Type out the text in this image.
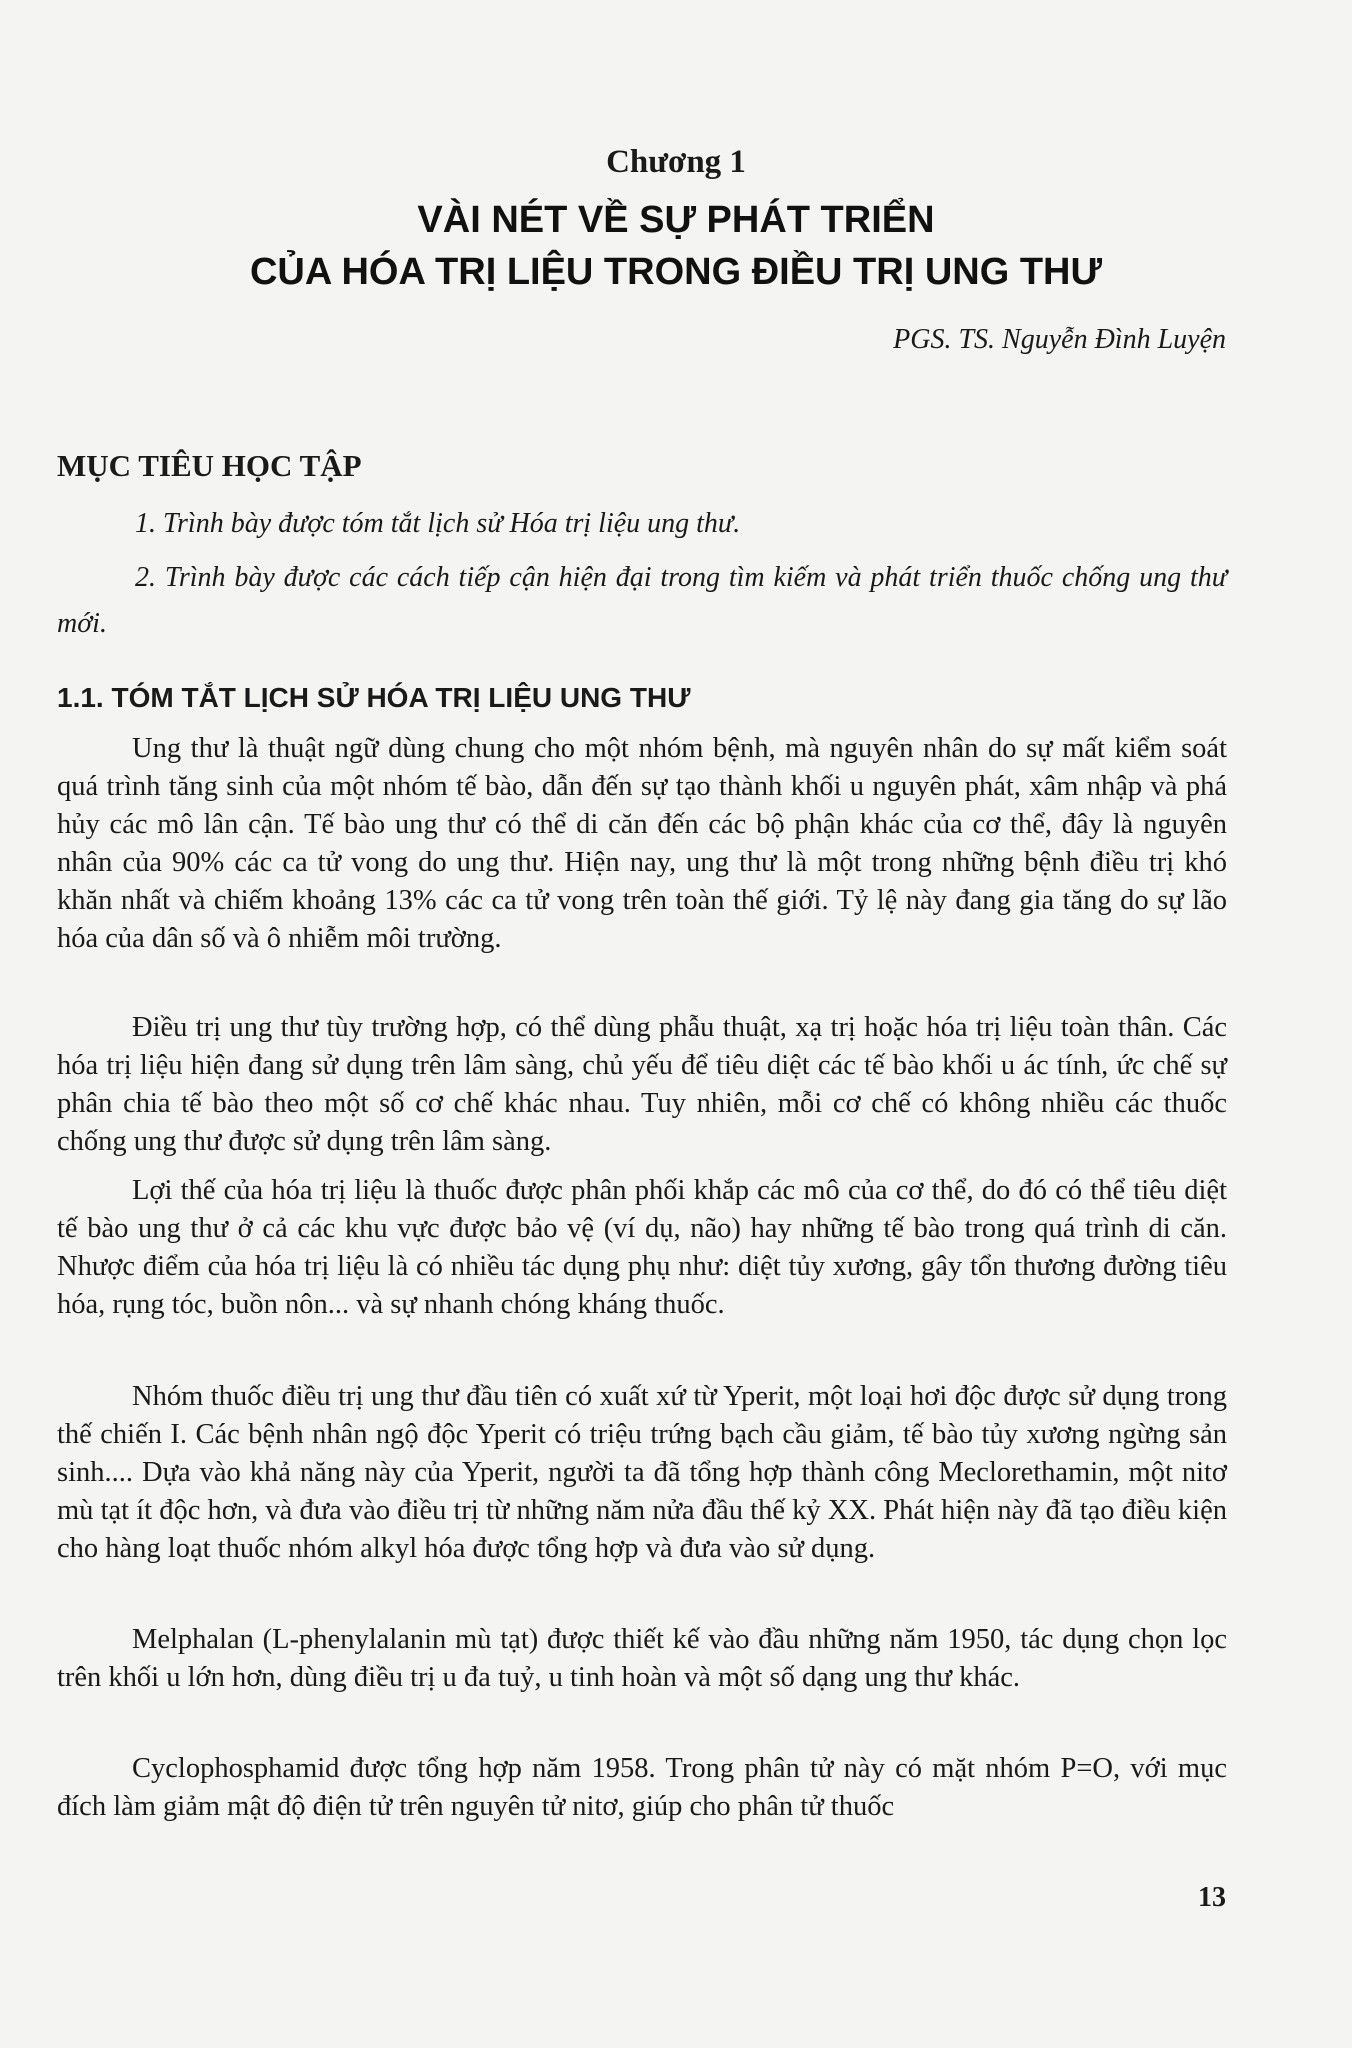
Chương 1
VÀI NÉT VỀ SỰ PHÁT TRIỂN
CỦA HÓA TRỊ LIỆU TRONG ĐIỀU TRỊ UNG THƯ
PGS. TS. Nguyễn Đình Luyện
MỤC TIÊU HỌC TẬP

1. Trình bày được tóm tắt lịch sử Hóa trị liệu ung thư.

2. Trình bày được các cách tiếp cận hiện đại trong tìm kiếm và phát triển thuốc chống ung thư mới.

1.1. TÓM TẮT LỊCH SỬ HÓA TRỊ LIỆU UNG THƯ

Ung thư là thuật ngữ dùng chung cho một nhóm bệnh, mà nguyên nhân do sự mất kiểm soát quá trình tăng sinh của một nhóm tế bào, dẫn đến sự tạo thành khối u nguyên phát, xâm nhập và phá hủy các mô lân cận. Tế bào ung thư có thể di căn đến các bộ phận khác của cơ thể, đây là nguyên nhân của 90% các ca tử vong do ung thư. Hiện nay, ung thư là một trong những bệnh điều trị khó khăn nhất và chiếm khoảng 13% các ca tử vong trên toàn thế giới. Tỷ lệ này đang gia tăng do sự lão hóa của dân số và ô nhiễm môi trường.

Điều trị ung thư tùy trường hợp, có thể dùng phẫu thuật, xạ trị hoặc hóa trị liệu toàn thân. Các hóa trị liệu hiện đang sử dụng trên lâm sàng, chủ yếu để tiêu diệt các tế bào khối u ác tính, ức chế sự phân chia tế bào theo một số cơ chế khác nhau. Tuy nhiên, mỗi cơ chế có không nhiều các thuốc chống ung thư được sử dụng trên lâm sàng.

Lợi thế của hóa trị liệu là thuốc được phân phối khắp các mô của cơ thể, do đó có thể tiêu diệt tế bào ung thư ở cả các khu vực được bảo vệ (ví dụ, não) hay những tế bào trong quá trình di căn. Nhược điểm của hóa trị liệu là có nhiều tác dụng phụ như: diệt tủy xương, gây tổn thương đường tiêu hóa, rụng tóc, buồn nôn... và sự nhanh chóng kháng thuốc.

Nhóm thuốc điều trị ung thư đầu tiên có xuất xứ từ Yperit, một loại hơi độc được sử dụng trong thế chiến I. Các bệnh nhân ngộ độc Yperit có triệu trứng bạch cầu giảm, tế bào tủy xương ngừng sản sinh.... Dựa vào khả năng này của Yperit, người ta đã tổng hợp thành công Meclorethamin, một nitơ mù tạt ít độc hơn, và đưa vào điều trị từ những năm nửa đầu thế kỷ XX. Phát hiện này đã tạo điều kiện cho hàng loạt thuốc nhóm alkyl hóa được tổng hợp và đưa vào sử dụng.

Melphalan (L-phenylalanin mù tạt) được thiết kế vào đầu những năm 1950, tác dụng chọn lọc trên khối u lớn hơn, dùng điều trị u đa tuỷ, u tinh hoàn và một số dạng ung thư khác.

Cyclophosphamid được tổng hợp năm 1958. Trong phân tử này có mặt nhóm P=O, với mục đích làm giảm mật độ điện tử trên nguyên tử nitơ, giúp cho phân tử thuốc

13
